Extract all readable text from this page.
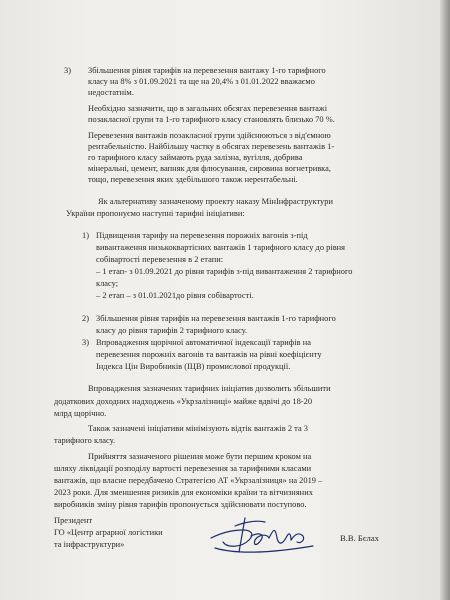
3) Збільшення рівня тарифів на перевезення вантажу 1-го тарифного
класу на 8% з 01.09.2021 та ще на 20,4% з 01.01.2022 вважаємо
недостатнім.
Необхідно зазначити, що в загальних обсягах перевезення вантажі
позакласної групи та 1-го тарифного класу становлять близько 70 %.
Перевезення вантажів позакласної групи здійснюються з від'ємною
рентабельністю. Найбільшу частку в обсягах перевезень вантажів 1-
го тарифного класу займають руда залізна, вугілля, добрива
мінеральні, цемент, вапняк для флюсування, сировина вогнетривка,
тощо, перевезення яких здебільшого також нерентабельні.
Як альтернативу зазначеному проекту наказу МінІнфраструктури
України пропонуємо наступні тарифні ініціативи:
1) Підвищення тарифу на перевезення порожніх вагонів з-під
вивантаження низькоквартісних вантажів 1 тарифного класу до рівня
собівартості перевезення в 2 етапи:
– 1 етап- з 01.09.2021 до рівня тарифів з-під вивантаження 2 тарифного
класу;
– 2 етап – з 01.01.2021до рівня собівартості.
2) Збільшення рівня тарифів на перевезення вантажів 1-го тарифного
класу до рівня тарифів 2 тарифного класу.
3) Впровадження щорічної автоматичної індексації тарифів на
перевезення порожніх вагонів та вантажів на рівні коефіцієнту
Індекса Цін Виробників (ІЦВ) промислової продукції.
Впровадження зазначених тарифних ініціатив дозволить збільшити
додаткових доходних надходжень «Укрзалізниці» майже вдвічі до 18-20
млрд щорічно.
Також зазначені ініціативи мінімізують відтік вантажів 2 та 3
тарифного класу.
Прийняття зазначеного рішення може бути першим кроком на
шляху ліквідації розподілу вартості перевезення за тарифними класами
вантажів, що власне передбачено Стратегією АТ «Укрзалізниця» на 2019 –
2023 роки. Для зменшення ризиків для економіки країни та вітчизняних
виробників зміну рівня тарифів пропонується здійснювати поступово.
Президент
ГО «Центр аграрної логістики
та інфраструктури»
В.В. Бєлах
